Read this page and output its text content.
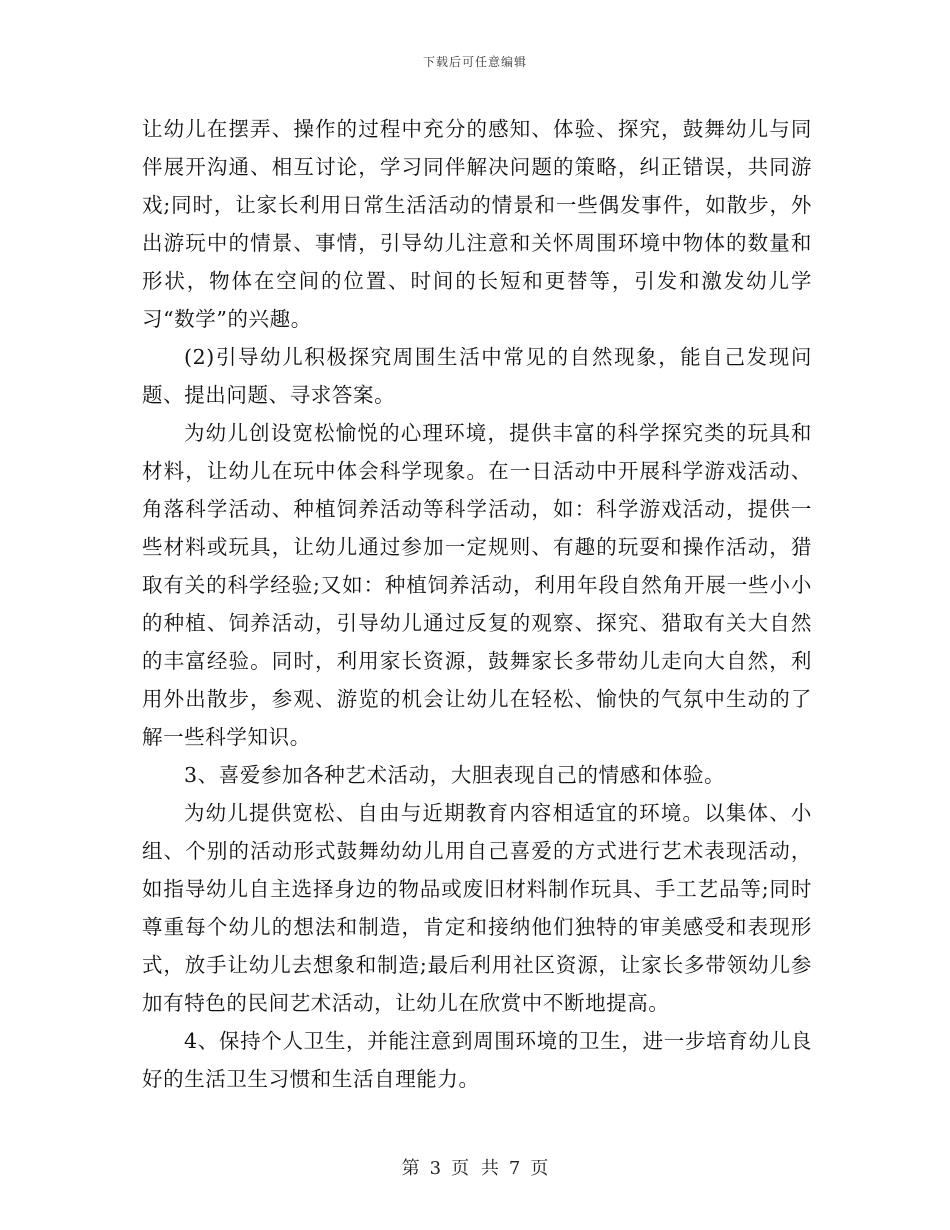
下载后可任意编辑

让幼儿在摆弄、操作的过程中充分的感知、体验、探究，鼓舞幼儿与同伴展开沟通、相互讨论，学习同伴解决问题的策略，纠正错误，共同游戏;同时，让家长利用日常生活活动的情景和一些偶发事件，如散步，外出游玩中的情景、事情，引导幼儿注意和关怀周围环境中物体的数量和形状，物体在空间的位置、时间的长短和更替等，引发和激发幼儿学习“数学”的兴趣。

(2)引导幼儿积极探究周围生活中常见的自然现象，能自己发现问题、提出问题、寻求答案。

为幼儿创设宽松愉悦的心理环境，提供丰富的科学探究类的玩具和材料，让幼儿在玩中体会科学现象。在一日活动中开展科学游戏活动、角落科学活动、种植饲养活动等科学活动，如：科学游戏活动，提供一些材料或玩具，让幼儿通过参加一定规则、有趣的玩耍和操作活动，猎取有关的科学经验;又如：种植饲养活动，利用年段自然角开展一些小小的种植、饲养活动，引导幼儿通过反复的观察、探究、猎取有关大自然的丰富经验。同时，利用家长资源，鼓舞家长多带幼儿走向大自然，利用外出散步，参观、游览的机会让幼儿在轻松、愉快的气氛中生动的了解一些科学知识。

3、喜爱参加各种艺术活动，大胆表现自己的情感和体验。

为幼儿提供宽松、自由与近期教育内容相适宜的环境。以集体、小组、个别的活动形式鼓舞幼幼儿用自己喜爱的方式进行艺术表现活动，如指导幼儿自主选择身边的物品或废旧材料制作玩具、手工艺品等;同时尊重每个幼儿的想法和制造，肯定和接纳他们独特的审美感受和表现形式，放手让幼儿去想象和制造;最后利用社区资源，让家长多带领幼儿参加有特色的民间艺术活动，让幼儿在欣赏中不断地提高。

4、保持个人卫生，并能注意到周围环境的卫生，进一步培育幼儿良好的生活卫生习惯和生活自理能力。

第 3 页 共 7 页
